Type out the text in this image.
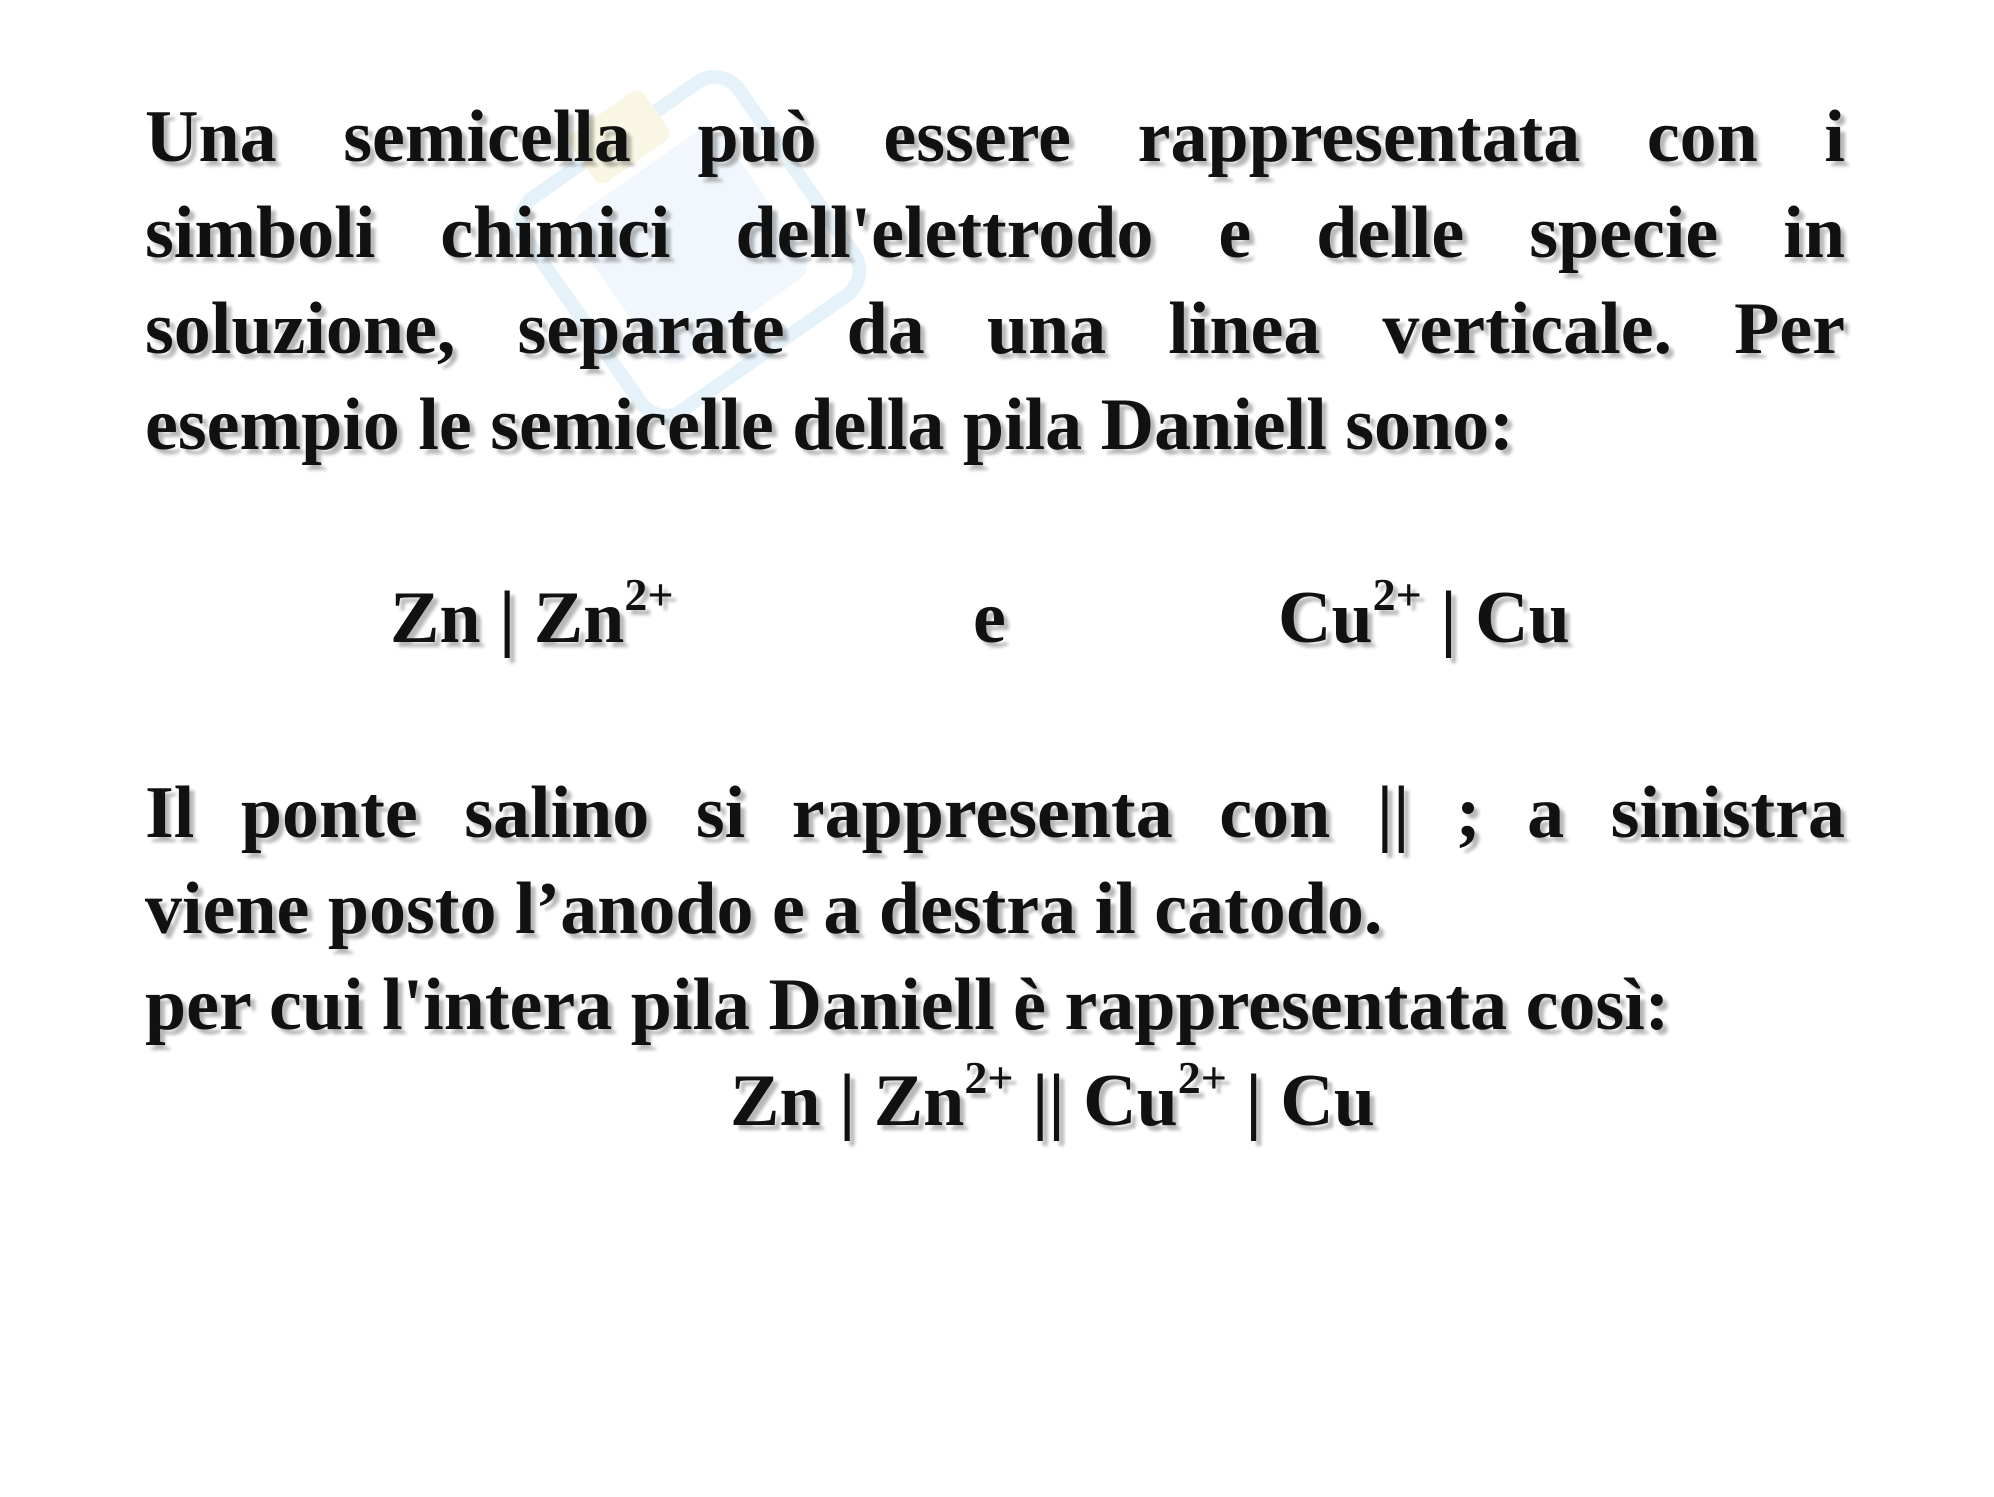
Una semicella può essere rappresentata con i
simboli chimici dell'elettrodo e delle specie in
soluzione, separate da una linea verticale. Per
esempio le semicelle della pila Daniell sono:
Zn | $Zn^{2+}$	e	$Cu^{2+}$ | Cu
Il ponte salino si rappresenta con || ; a sinistra
viene posto l’anodo e a destra il catodo.
per cui l'intera pila Daniell è rappresentata così:
Zn | $Zn^{2+}$ || $Cu^{2+}$ | Cu
